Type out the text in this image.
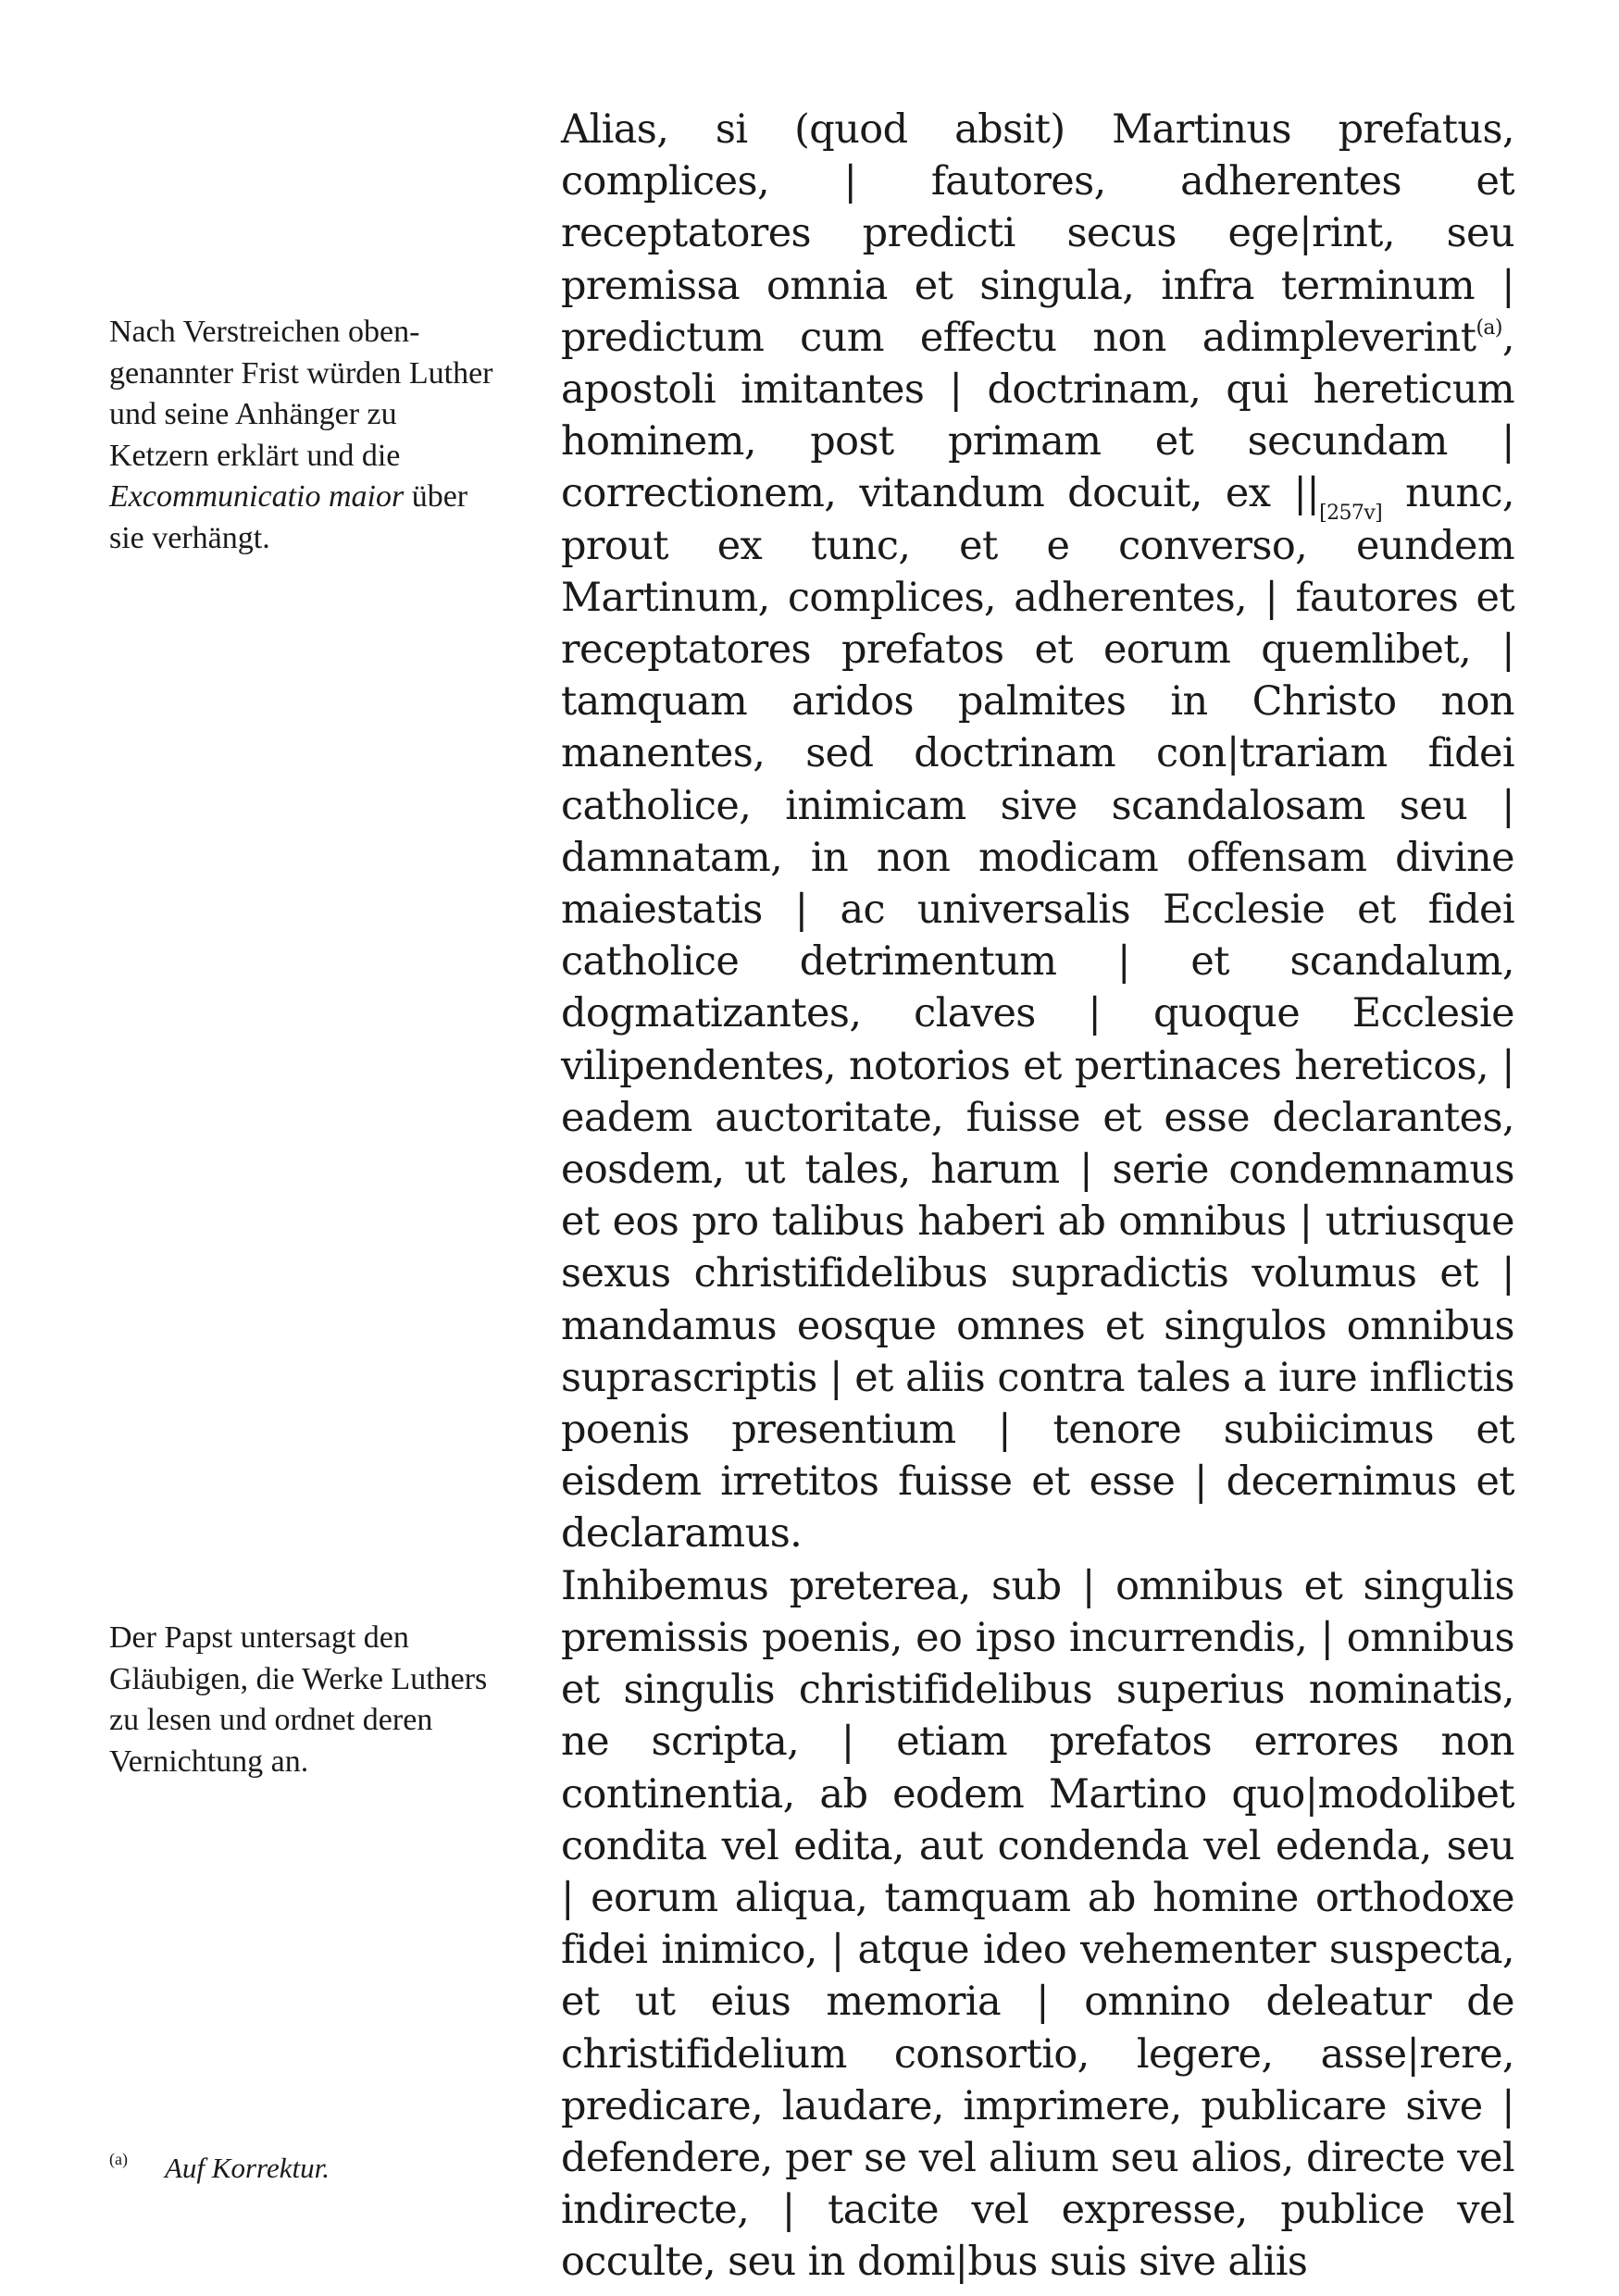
Nach Verstreichen obengenannter Frist würden Luther und seine Anhänger zu Ketzern erklärt und die Excommunicatio maior über sie verhängt.

Der Papst untersagt den Gläubigen, die Werke Luthers zu lesen und ordnet deren Vernichtung an.

Alias, si (quod absit) Martinus prefatus, complices, | fautores, adherentes et receptatores predicti secus ege|rint, seu premissa omnia et singula, infra terminum | predictum cum effectu non adimpleverint$^{(a)}$, apostoli imitantes | doctrinam, qui hereticum hominem, post primam et secundam | correctionem, vitandum docuit, ex $||_{[257v]}$ nunc, prout ex tunc, et e converso, eundem Martinum, complices, adherentes, | fautores et receptatores prefatos et eorum quemlibet, | tamquam aridos palmites in Christo non manentes, sed doctrinam con|trariam fidei catholice, inimicam sive scandalosam seu | damnatam, in non modicam offensam divine maiestatis | ac universalis Ecclesie et fidei catholice detrimentum | et scandalum, dogmatizantes, claves | quoque Ecclesie vilipendentes, notorios et pertinaces hereticos, | eadem auctoritate, fuisse et esse declarantes, eosdem, ut tales, harum | serie condemnamus et eos pro talibus haberi ab omnibus | utriusque sexus christifidelibus supradictis volumus et | mandamus eosque omnes et singulos omnibus suprascriptis | et aliis contra tales a iure inflictis poenis presentium | tenore subiicimus et eisdem irretitos fuisse et esse | decernimus et declaramus.

Inhibemus preterea, sub | omnibus et singulis premissis poenis, eo ipso incurrendis, | omnibus et singulis christifidelibus superius nominatis, ne scripta, | etiam prefatos errores non continentia, ab eodem Martino quo|modolibet condita vel edita, aut condenda vel edenda, seu | eorum aliqua, tamquam ab homine orthodoxe fidei inimico, | atque ideo vehementer suspecta, et ut eius memoria | omnino deleatur de christifidelium consortio, legere, asse|rere, predicare, laudare, imprimere, publicare sive | defendere, per se vel alium seu alios, directe vel indirecte, | tacite vel expresse, publice vel occulte, seu in domi|bus suis sive aliis

$^{(a)}$ Auf Korrektur.
